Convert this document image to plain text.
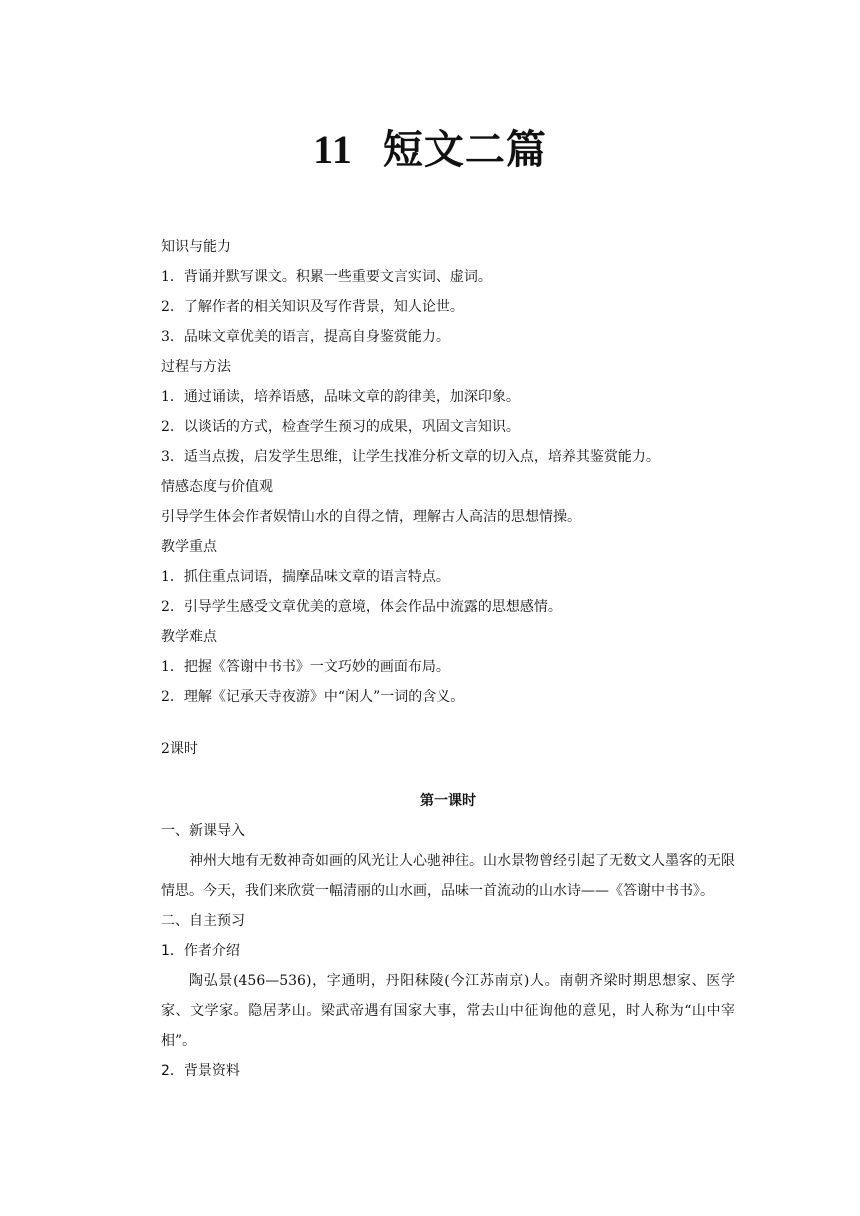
11 短文二篇
知识与能力
1．背诵并默写课文。积累一些重要文言实词、虚词。
2．了解作者的相关知识及写作背景，知人论世。
3．品味文章优美的语言，提高自身鉴赏能力。
过程与方法
1．通过诵读，培养语感，品味文章的韵律美，加深印象。
2．以谈话的方式，检查学生预习的成果，巩固文言知识。
3．适当点拨，启发学生思维，让学生找准分析文章的切入点，培养其鉴赏能力。
情感态度与价值观
引导学生体会作者娱情山水的自得之情，理解古人高洁的思想情操。
教学重点
1．抓住重点词语，揣摩品味文章的语言特点。
2．引导学生感受文章优美的意境，体会作品中流露的思想感情。
教学难点
1．把握《答谢中书书》一文巧妙的画面布局。
2．理解《记承天寺夜游》中“闲人”一词的含义。
2课时
第一课时
一、新课导入

神州大地有无数神奇如画的风光让人心驰神往。山水景物曾经引起了无数文人墨客的无限情思。今天，我们来欣赏一幅清丽的山水画，品味一首流动的山水诗——《答谢中书书》。

二、自主预习
1．作者介绍

陶弘景(456—536)，字通明，丹阳秣陵(今江苏南京)人。南朝齐梁时期思想家、医学家、文学家。隐居茅山。梁武帝遇有国家大事，常去山中征询他的意见，时人称为“山中宰相”。

2．背景资料
